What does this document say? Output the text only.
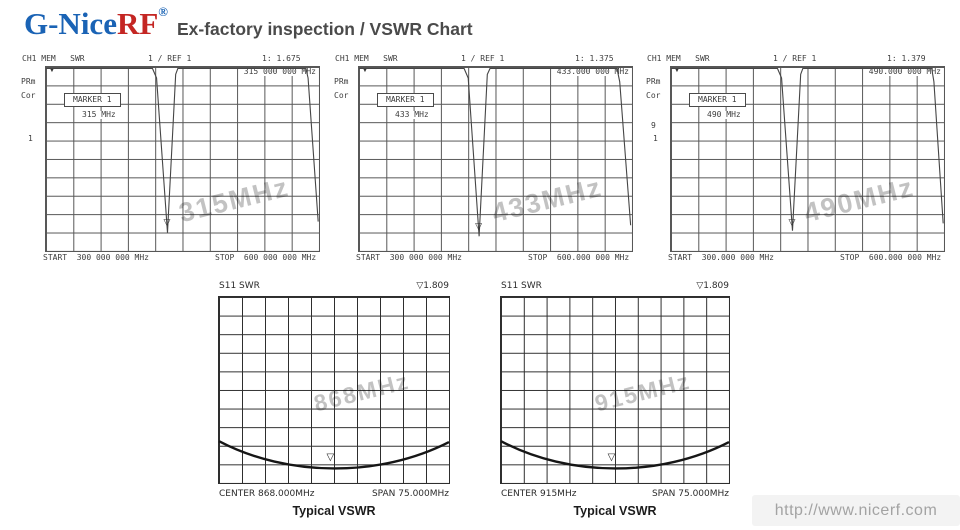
G-NiceRF®
Ex-factory inspection / VSWR Chart
CH1 MEM   SWR	1 / REF 1	1: 1.675
PRm
Cor
1
▼	315 000 000 MHz
MARKER 1
315 MHz
▽ 315MHz
START  300 000 000 MHz	STOP  600 000 000 MHz
CH1 MEM   SWR	1 / REF 1	1: 1.375
PRm
Cor
▼	433.000 000 MHz
MARKER 1
433 MHz
▽ 433MHz
START  300 000 000 MHz	STOP  600.000 000 MHz
CH1 MEM   SWR	1 / REF 1	1: 1.379
PRm
Cor
9
1
▼	490.000 000 MHz
MARKER 1
490 MHz
▽ 490MHz
START  300.000 000 MHz	STOP  600.000 000 MHz
S11 SWR	▽1.809
▽
868MHz
CENTER 868.000MHz	SPAN 75.000MHz
Typical VSWR
S11 SWR	▽1.809
▽
915MHz
CENTER 915MHz	SPAN 75.000MHz
Typical VSWR	http://www.nicerf.com
